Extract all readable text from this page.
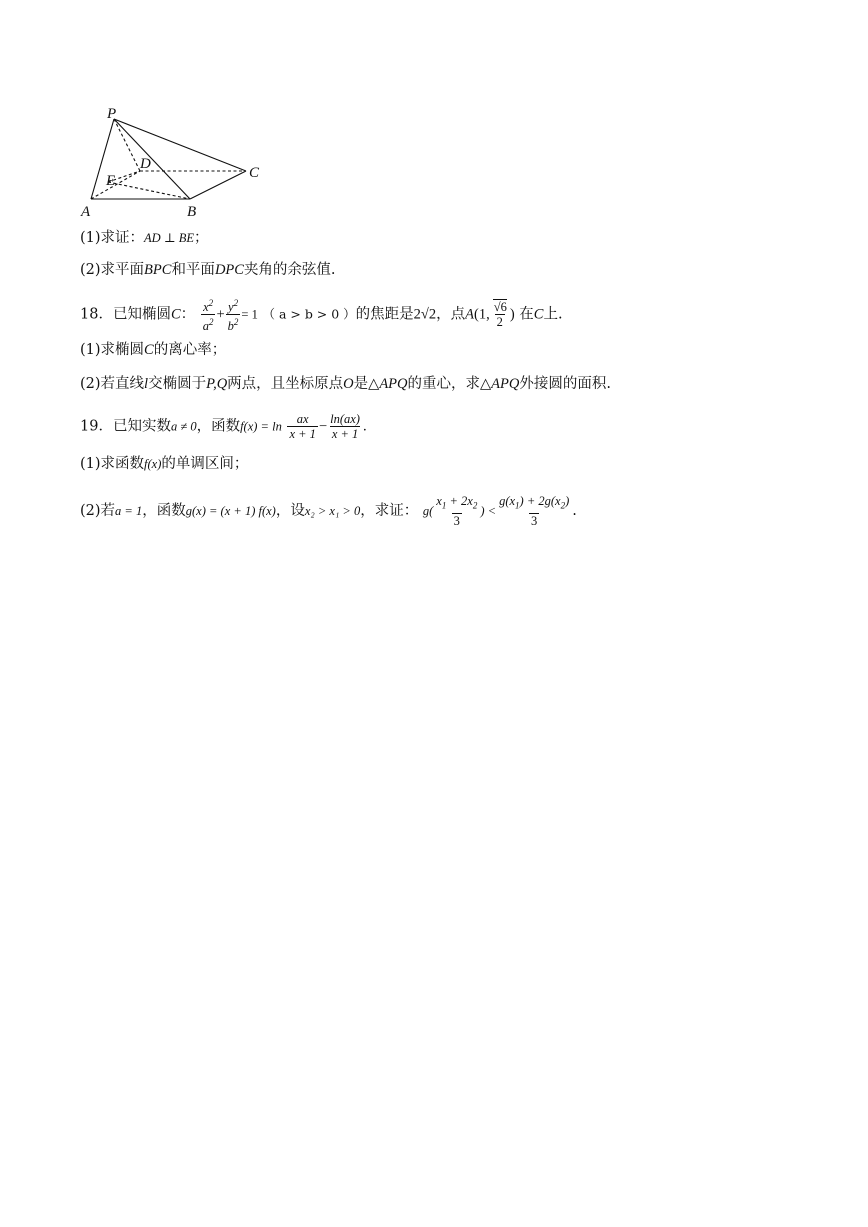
P
D
C
E
A	B
(1)求证：AD ⊥ BE；
(2)求平面BPC和平面DPC夹角的余弦值.
18．已知椭圆C： $\frac{x^2}{a^2} + \frac{y^2}{b^2} = 1$ （ a > b > 0 ）的焦距是2√2，点A(1, $\frac{√6}{2}$ ) 在C上.
(1)求椭圆C的离心率；
(2)若直线l交椭圆于P,Q两点，且坐标原点O是△APQ的重心，求△APQ外接圆的面积.
19．已知实数a ≠ 0，函数$f(x) = \ln \frac{ax}{x + 1} - \frac{\ln(ax)}{x + 1}$ .
(1)求函数f(x)的单调区间；
(2)若a = 1，函数g(x) = (x + 1) f(x)，设x₂ > x₁ > 0，求证： $g( \frac{x_1 + 2x_2}{3}$ ) < $\frac{g(x_1) + 2g(x_2)}{3}$ .
